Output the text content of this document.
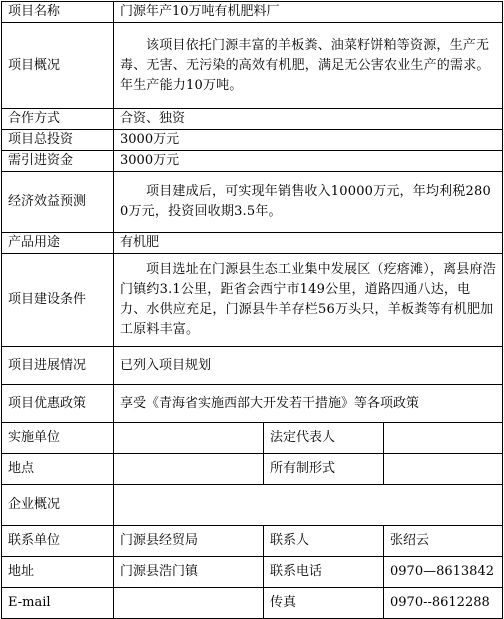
项目名称	门源年产10万吨有机肥料厂		
项目概况	该项目依托门源丰富的羊板粪、油菜籽饼粕等资源，生产无毒、无害、无污染的高效有机肥，满足无公害农业生产的需求。年生产能力10万吨。		
合作方式	合资、独资		
项目总投资	3000万元		
需引进资金	3000万元		
经济效益预测	项目建成后，可实现年销售收入10000万元，年均利税2800万元，投资回收期3.5年。		
产品用途	有机肥		
项目建设条件	项目选址在门源县生态工业集中发展区（疙瘩滩），离县府浩门镇约3.1公里，距省会西宁市149公里，道路四通八达，电力、水供应充足，门源县牛羊存栏56万头只，羊板粪等有机肥加工原料丰富。		
项目进展情况	已列入项目规划		
项目优惠政策	享受《青海省实施西部大开发若干措施》等各项政策		
实施单位		法定代表人	
地点		所有制形式	
企业概况			
联系单位	门源县经贸局	联系人	张绍云
地址	门源县浩门镇	联系电话	0970—8613842
E-mail		传真	0970--8612288
